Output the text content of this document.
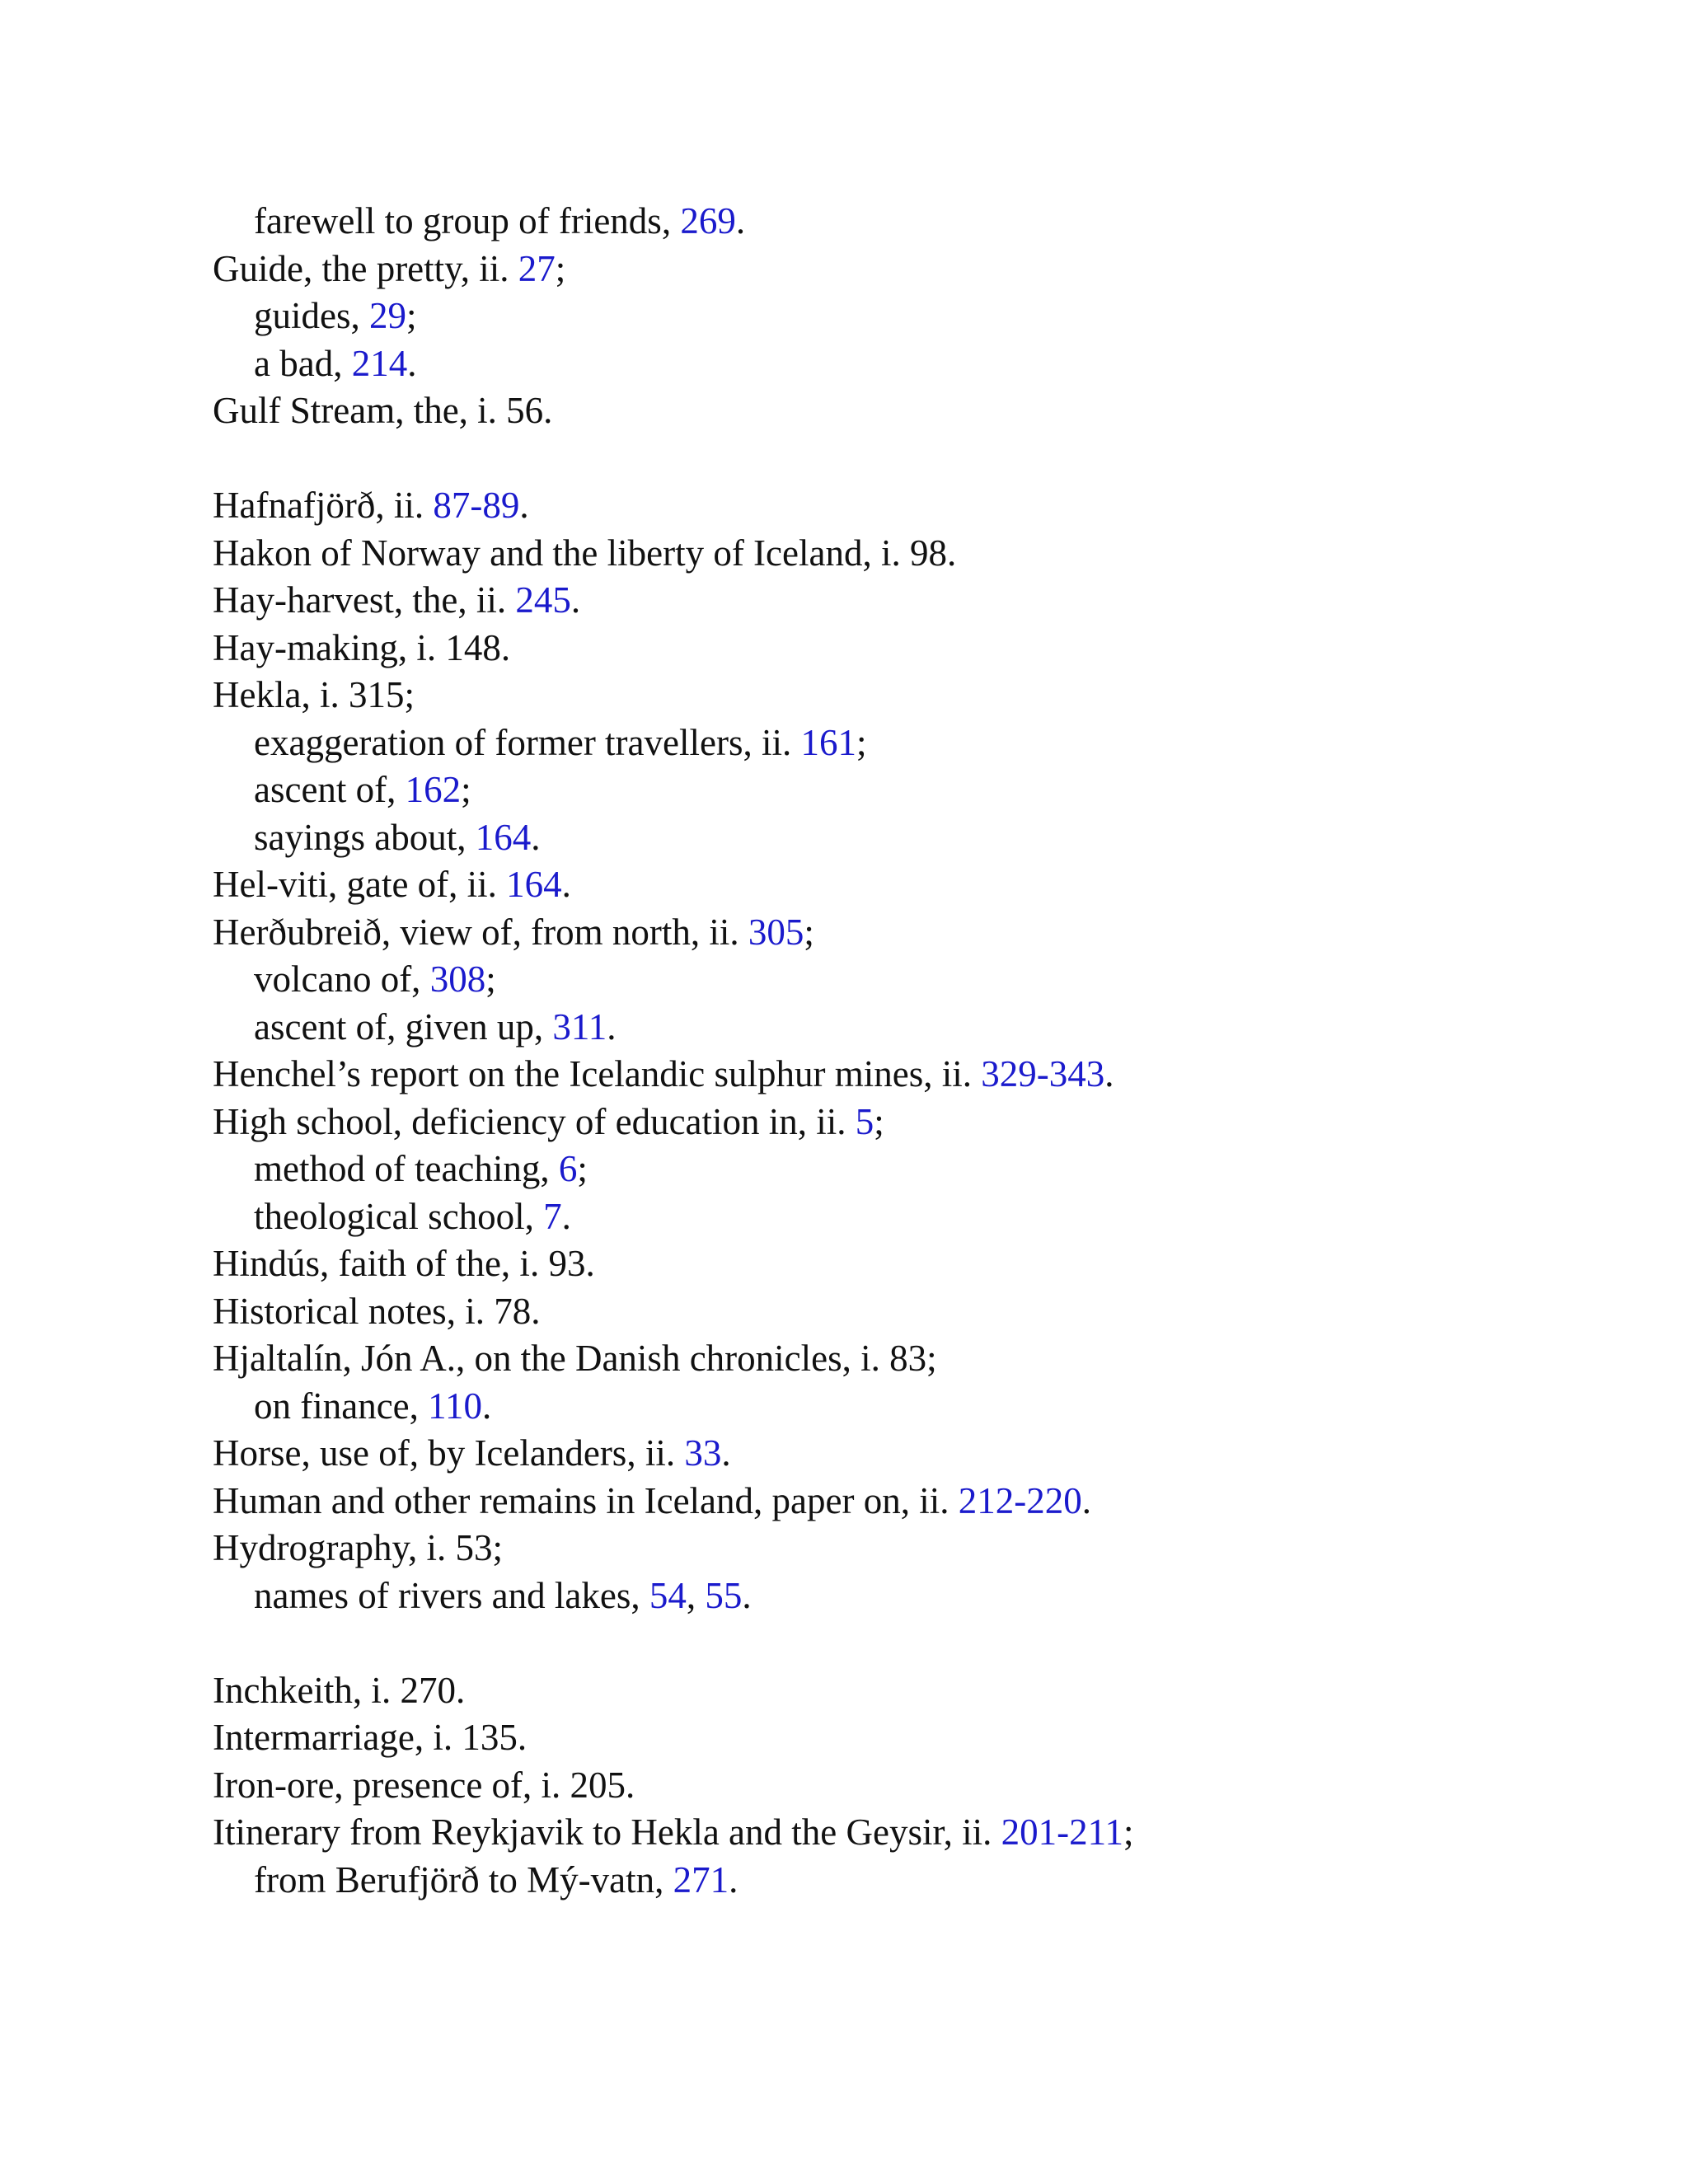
farewell to group of friends, 269.
Guide, the pretty, ii. 27;
guides, 29;
a bad, 214.
Gulf Stream, the, i. 56.
Hafnafjörð, ii. 87-89.
Hakon of Norway and the liberty of Iceland, i. 98.
Hay-harvest, the, ii. 245.
Hay-making, i. 148.
Hekla, i. 315;
exaggeration of former travellers, ii. 161;
ascent of, 162;
sayings about, 164.
Hel-viti, gate of, ii. 164.
Herðubreið, view of, from north, ii. 305;
volcano of, 308;
ascent of, given up, 311.
Henchel’s report on the Icelandic sulphur mines, ii. 329-343.
High school, deficiency of education in, ii. 5;
method of teaching, 6;
theological school, 7.
Hindús, faith of the, i. 93.
Historical notes, i. 78.
Hjaltalín, Jón A., on the Danish chronicles, i. 83;
on finance, 110.
Horse, use of, by Icelanders, ii. 33.
Human and other remains in Iceland, paper on, ii. 212-220.
Hydrography, i. 53;
names of rivers and lakes, 54, 55.
Inchkeith, i. 270.
Intermarriage, i. 135.
Iron-ore, presence of, i. 205.
Itinerary from Reykjavik to Hekla and the Geysir, ii. 201-211;
from Berufjörð to Mý-vatn, 271.
